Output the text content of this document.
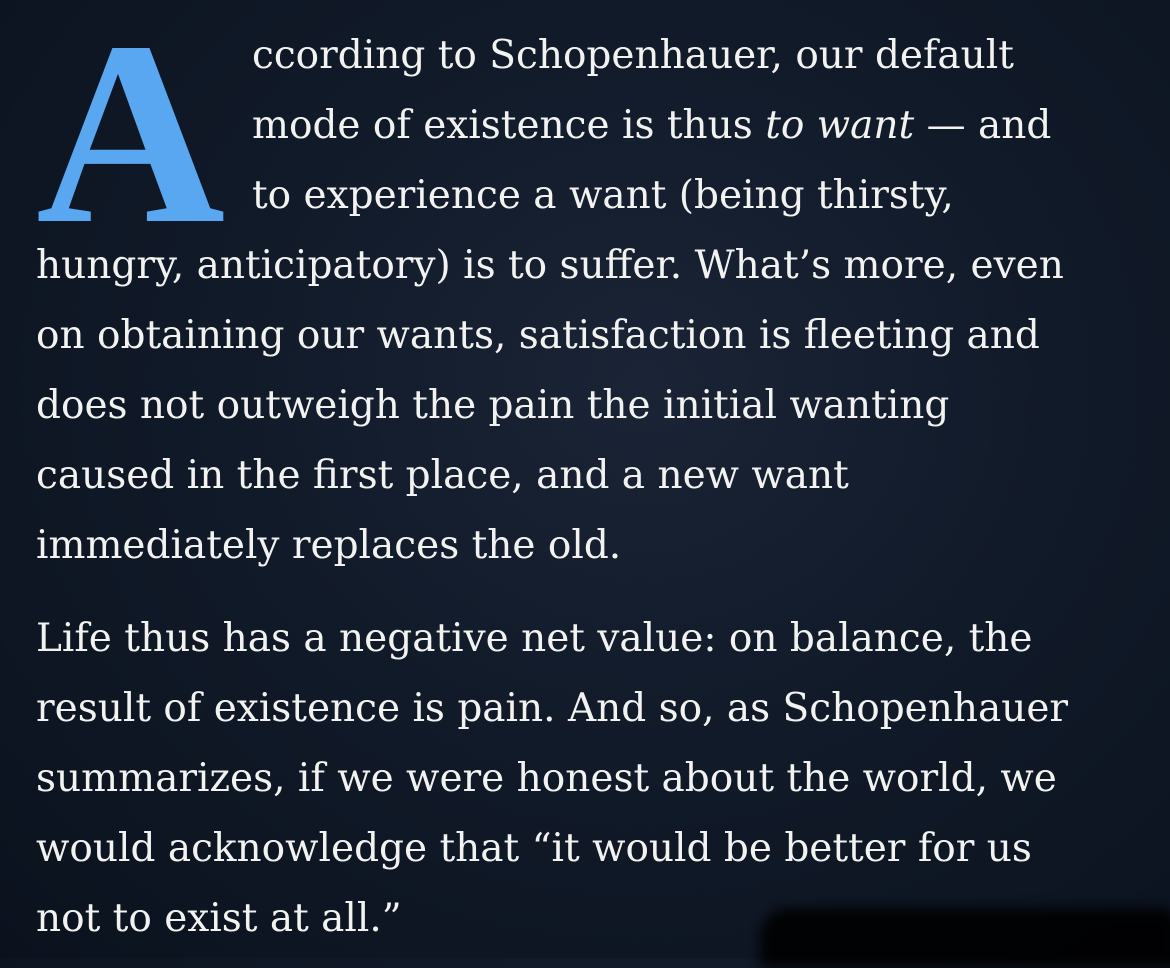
A ccording to Schopenhauer, our default
mode of existence is thus to want — and
to experience a want (being thirsty,
hungry, anticipatory) is to suffer. What’s more, even
on obtaining our wants, satisfaction is fleeting and
does not outweigh the pain the initial wanting
caused in the first place, and a new want
immediately replaces the old.
Life thus has a negative net value: on balance, the
result of existence is pain. And so, as Schopenhauer
summarizes, if we were honest about the world, we
would acknowledge that “it would be better for us
not to exist at all.”
